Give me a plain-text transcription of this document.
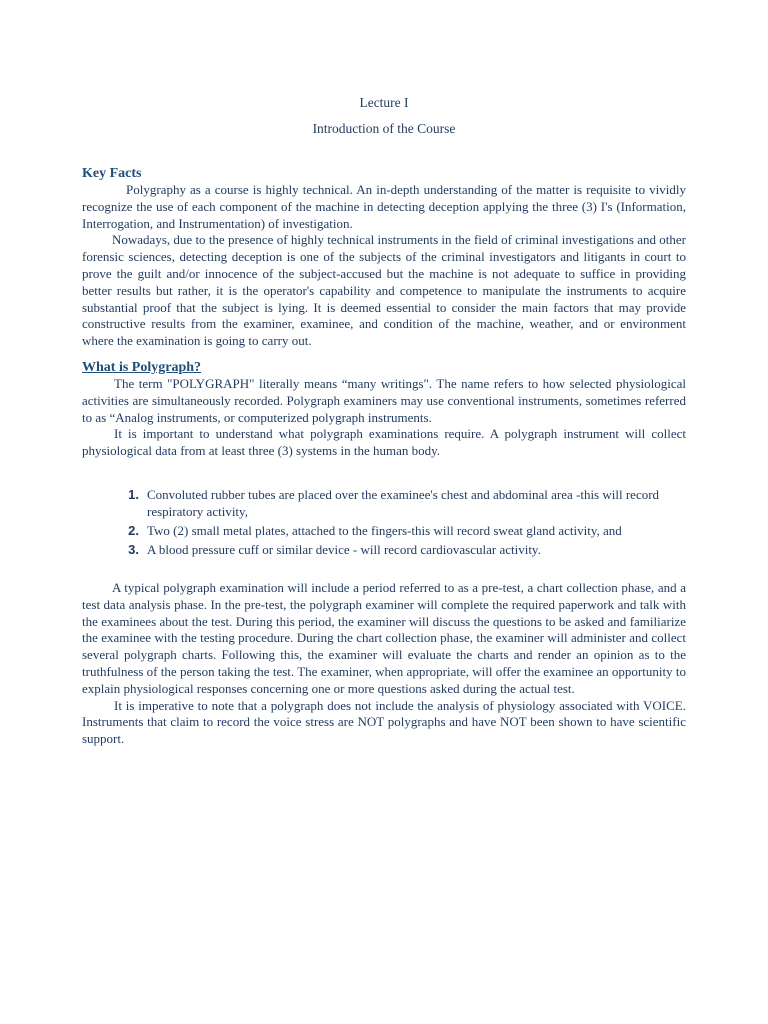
Lecture I

Introduction of the Course

Key Facts

Polygraphy as a course is highly technical. An in-depth understanding of the matter is requisite to vividly recognize the use of each component of the machine in detecting deception applying the three (3) I's (Information, Interrogation, and Instrumentation) of investigation.

Nowadays, due to the presence of highly technical instruments in the field of criminal investigations and other forensic sciences, detecting deception is one of the subjects of the criminal investigators and litigants in court to prove the guilt and/or innocence of the subject-accused but the machine is not adequate to suffice in providing better results but rather, it is the operator's capability and competence to manipulate the instruments to acquire substantial proof that the subject is lying. It is deemed essential to consider the main factors that may provide constructive results from the examiner, examinee, and condition of the machine, weather, and or environment where the examination is going to carry out.

What is Polygraph?

The term "POLYGRAPH" literally means “many writings". The name refers to how selected physiological activities are simultaneously recorded. Polygraph examiners may use conventional instruments, sometimes referred to as “Analog instruments, or computerized polygraph instruments.

It is important to understand what polygraph examinations require. A polygraph instrument will collect physiological data from at least three (3) systems in the human body.

1. Convoluted rubber tubes are placed over the examinee's chest and abdominal area -this will record respiratory activity,
2. Two (2) small metal plates, attached to the fingers-this will record sweat gland activity, and
3. A blood pressure cuff or similar device - will record cardiovascular activity.

A typical polygraph examination will include a period referred to as a pre-test, a chart collection phase, and a test data analysis phase. In the pre-test, the polygraph examiner will complete the required paperwork and talk with the examinees about the test. During this period, the examiner will discuss the questions to be asked and familiarize the examinee with the testing procedure. During the chart collection phase, the examiner will administer and collect several polygraph charts. Following this, the examiner will evaluate the charts and render an opinion as to the truthfulness of the person taking the test. The examiner, when appropriate, will offer the examinee an opportunity to explain physiological responses concerning one or more questions asked during the actual test.

It is imperative to note that a polygraph does not include the analysis of physiology associated with VOICE. Instruments that claim to record the voice stress are NOT polygraphs and have NOT been shown to have scientific support.
